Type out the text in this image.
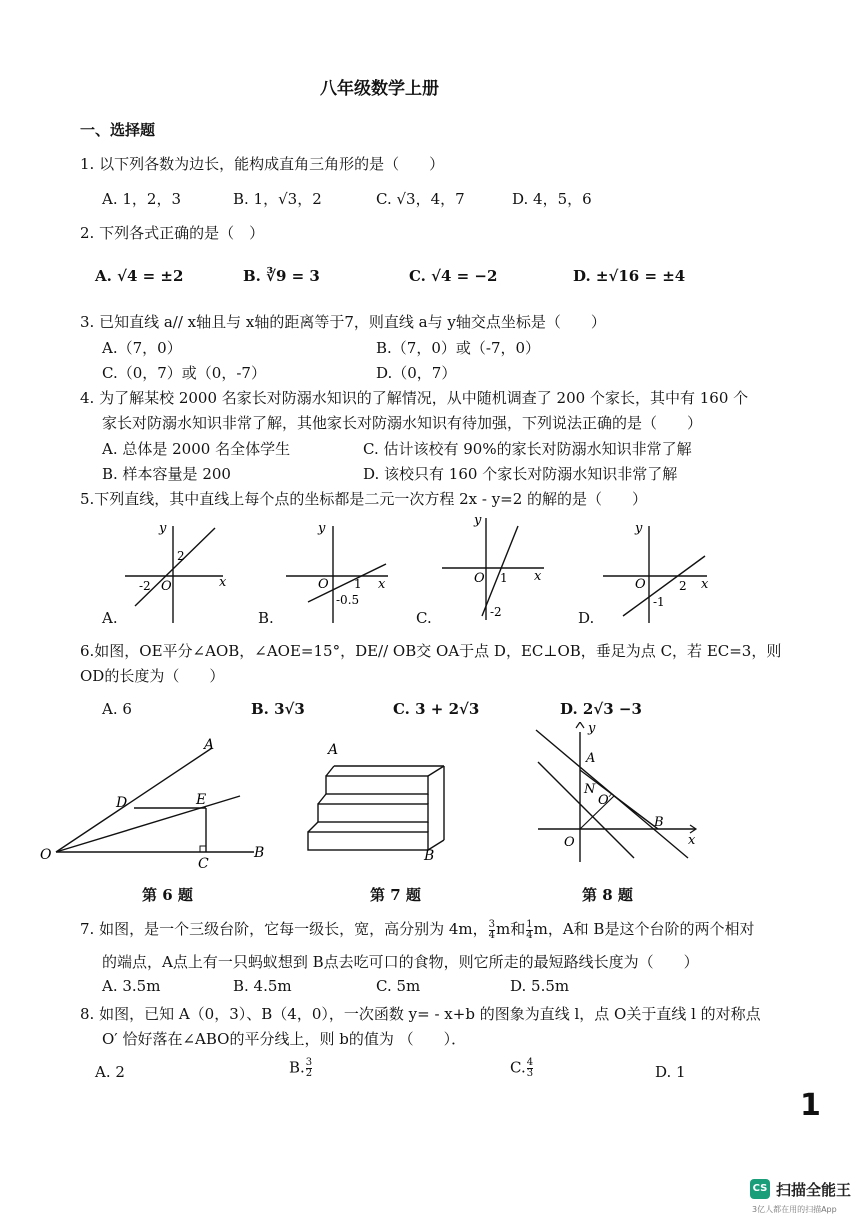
八年级数学上册
一、选择题
1. 以下列各数为边长，能构成直角三角形的是（　　）
A. 1，2，3	B. 1，√3，2	C. √3，4，7	D. 4，5，6
2. 下列各式正确的是（　）
A. √4 = ±2	B. ∛9 = 3	C. √4 = −2	D. ±√16 = ±4
3. 已知直线 a// x轴且与 x轴的距离等于7，则直线 a与 y轴交点坐标是（　　）
A.（7，0）	B.（7，0）或（-7，0）
C.（0，7）或（0，-7）	D.（0，7）
4. 为了解某校 2000 名家长对防溺水知识的了解情况，从中随机调查了 200 个家长，其中有 160 个
家长对防溺水知识非常了解，其他家长对防溺水知识有待加强，下列说法正确的是（　　）
A. 总体是 2000 名全体学生	C. 估计该校有 90%的家长对防溺水知识非常了解
B. 样本容量是 200	D. 该校只有 160 个家长对防溺水知识非常了解
5.下列直线，其中直线上每个点的坐标都是二元一次方程 2x - y=2 的解的是（　　）
y
x
O
2
-2
A.
y
x
O 1
-0.5
B.
y
x
O 1
-2
C.
y
x
O	2
-1
D.
6.如图，OE平分∠AOB，∠AOE=15°，DE// OB交 OA于点 D，EC⊥OB，垂足为点 C，若 EC=3，则
OD的长度为（　　）
A. 6	B. 3√3	C. 3 + 2√3	D. 2√3 −3
A
D	E
O
C
B
第 6 题
A
B
第 7 题
y
A
N
O′
B
O	x
第 8 题
7. 如图，是一个三级台阶，它每一级长，宽，高分别为 4m， $\frac{3}{4}$ m和 $\frac{1}{4}$ m，A和 B是这个台阶的两个相对
的端点，A点上有一只蚂蚁想到 B点去吃可口的食物，则它所走的最短路线长度为（　　）
A. 3.5m	B. 4.5m	C. 5m	D. 5.5m
8. 如图，已知 A（0，3）、B（4，0），一次函数 y= - x+b 的图象为直线 l，点 O关于直线 l 的对称点
O′ 恰好落在∠ABO的平分线上，则 b的值为 （　　）．
A. 2	B. $\frac{3}{2}$	C. $\frac{4}{3}$	D. 1
1
CS 扫描全能王
3亿人都在用的扫描App
